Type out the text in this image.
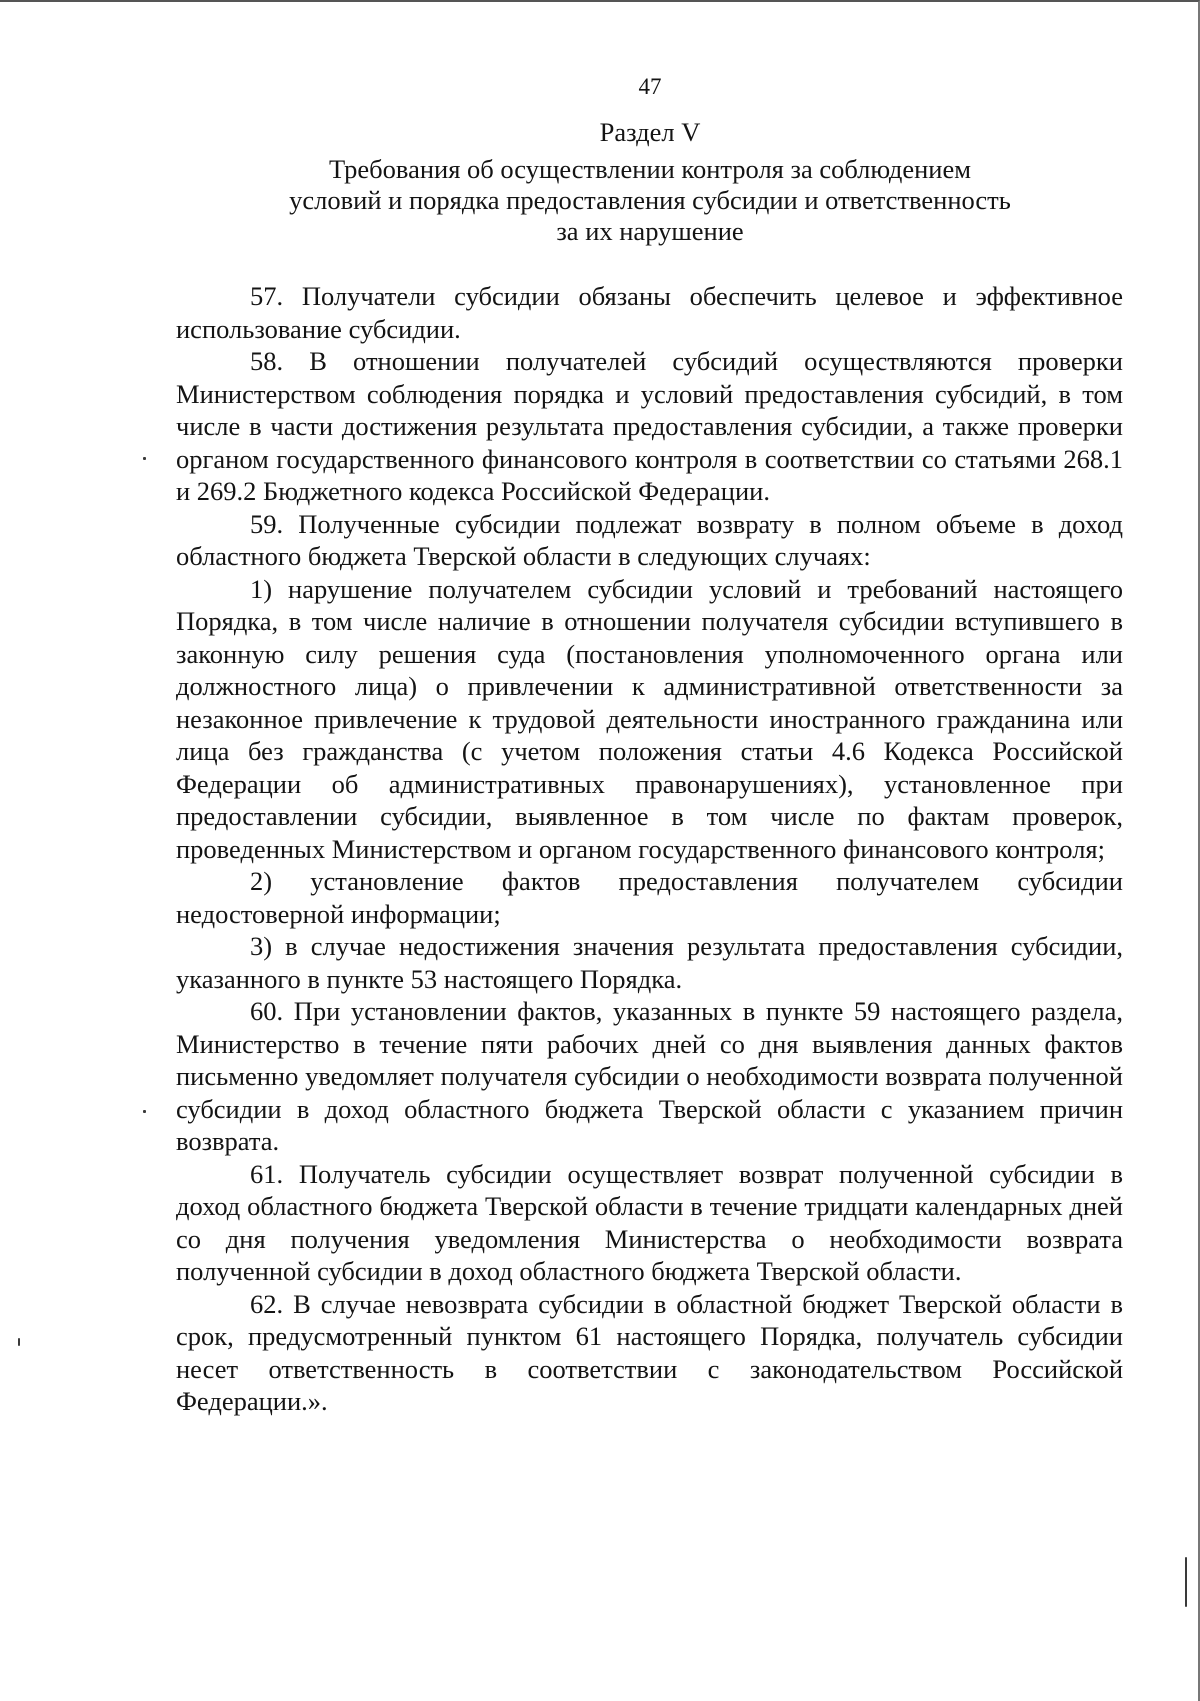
47
Раздел V
Требования об осуществлении контроля за соблюдением
условий и порядка предоставления субсидии и ответственность
за их нарушение

57. Получатели субсидии обязаны обеспечить целевое и эффективное использование субсидии.

58. В отношении получателей субсидий осуществляются проверки Министерством соблюдения порядка и условий предоставления субсидий, в том числе в части достижения результата предоставления субсидии, а также проверки органом государственного финансового контроля в соответствии со статьями 268.1 и 269.2 Бюджетного кодекса Российской Федерации.

59. Полученные субсидии подлежат возврату в полном объеме в доход областного бюджета Тверской области в следующих случаях:

1) нарушение получателем субсидии условий и требований настоящего Порядка, в том числе наличие в отношении получателя субсидии вступившего в законную силу решения суда (постановления уполномоченного органа или должностного лица) о привлечении к административной ответственности за незаконное привлечение к трудовой деятельности иностранного гражданина или лица без гражданства (с учетом положения статьи 4.6 Кодекса Российской Федерации об административных правонарушениях), установленное при предоставлении субсидии, выявленное в том числе по фактам проверок, проведенных Министерством и органом государственного финансового контроля;

2) установление фактов предоставления получателем субсидии недостоверной информации;

3) в случае недостижения значения результата предоставления субсидии, указанного в пункте 53 настоящего Порядка.

60. При установлении фактов, указанных в пункте 59 настоящего раздела, Министерство в течение пяти рабочих дней со дня выявления данных фактов письменно уведомляет получателя субсидии о необходимости возврата полученной субсидии в доход областного бюджета Тверской области с указанием причин возврата.

61. Получатель субсидии осуществляет возврат полученной субсидии в доход областного бюджета Тверской области в течение тридцати календарных дней со дня получения уведомления Министерства о необходимости возврата полученной субсидии в доход областного бюджета Тверской области.

62. В случае невозврата субсидии в областной бюджет Тверской области в срок, предусмотренный пунктом 61 настоящего Порядка, получатель субсидии несет ответственность в соответствии с законодательством Российской Федерации.».
